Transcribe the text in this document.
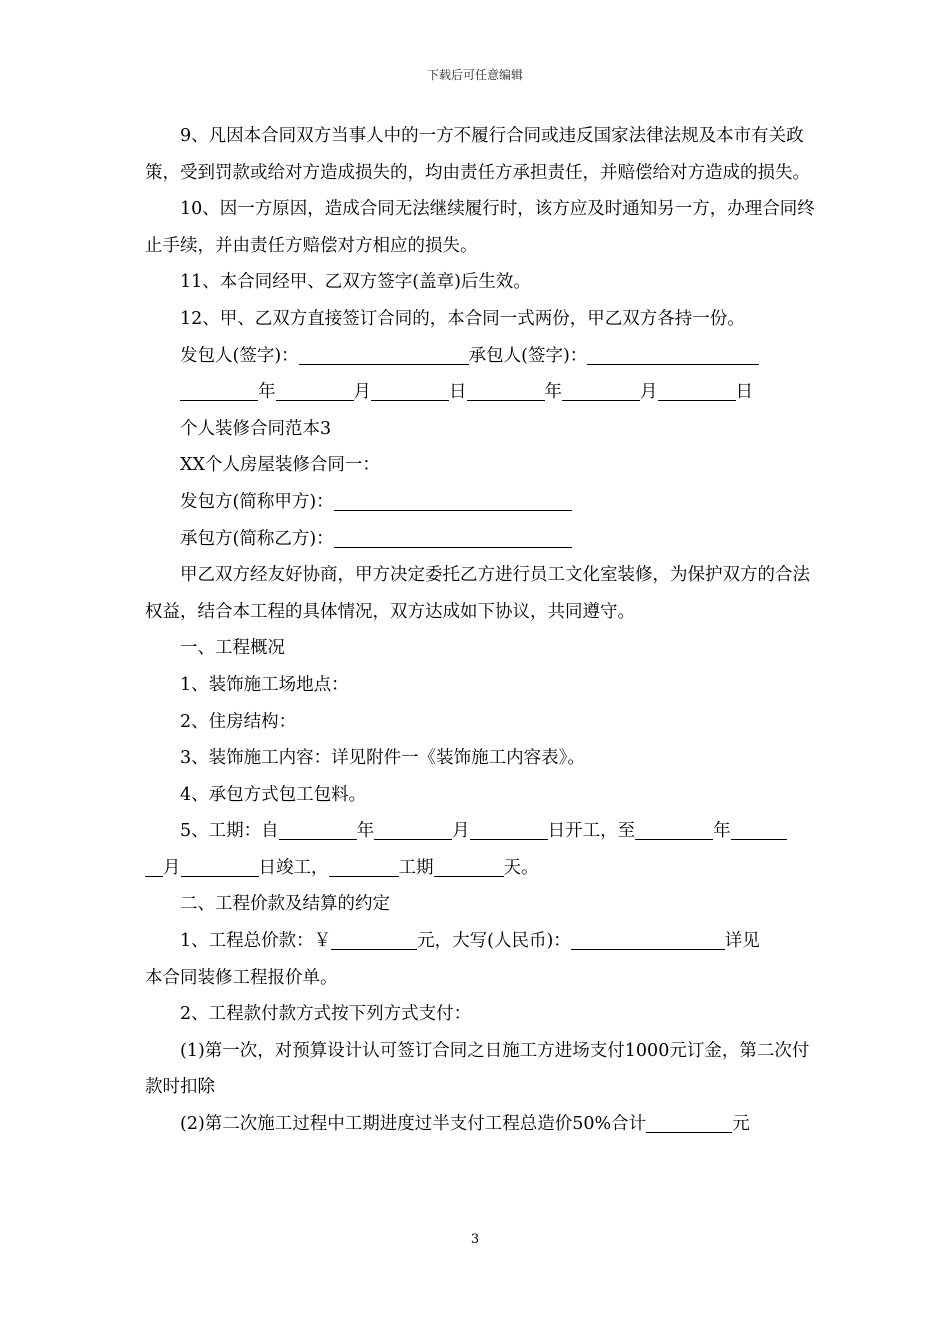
下载后可任意编辑

9、凡因本合同双方当事人中的一方不履行合同或违反国家法律法规及本市有关政策，受到罚款或给对方造成损失的，均由责任方承担责任，并赔偿给对方造成的损失。

10、因一方原因，造成合同无法继续履行时，该方应及时通知另一方，办理合同终止手续，并由责任方赔偿对方相应的损失。

11、本合同经甲、乙双方签字(盖章)后生效。

12、甲、乙双方直接签订合同的，本合同一式两份，甲乙双方各持一份。

发包人(签字)：	承包人(签字)：

年	月	日	年	月	日

个人装修合同范本3

XX个人房屋装修合同一：

发包方(简称甲方)：

承包方(简称乙方)：

甲乙双方经友好协商，甲方决定委托乙方进行员工文化室装修，为保护双方的合法权益，结合本工程的具体情况，双方达成如下协议，共同遵守。

一、工程概况

1、装饰施工场地点：

2、住房结构：

3、装饰施工内容：详见附件一《装饰施工内容表》。

4、承包方式包工包料。

5、工期：自	年	月	日开工，至	年

月	日竣工，	工期	天。

二、工程价款及结算的约定

1、工程总价款：￥	元，大写(人民币)：	详见

本合同装修工程报价单。

2、工程款付款方式按下列方式支付：

(1)第一次，对预算设计认可签订合同之日施工方进场支付1000元订金，第二次付款时扣除

(2)第二次施工过程中工期进度过半支付工程总造价50%合计	元

3
